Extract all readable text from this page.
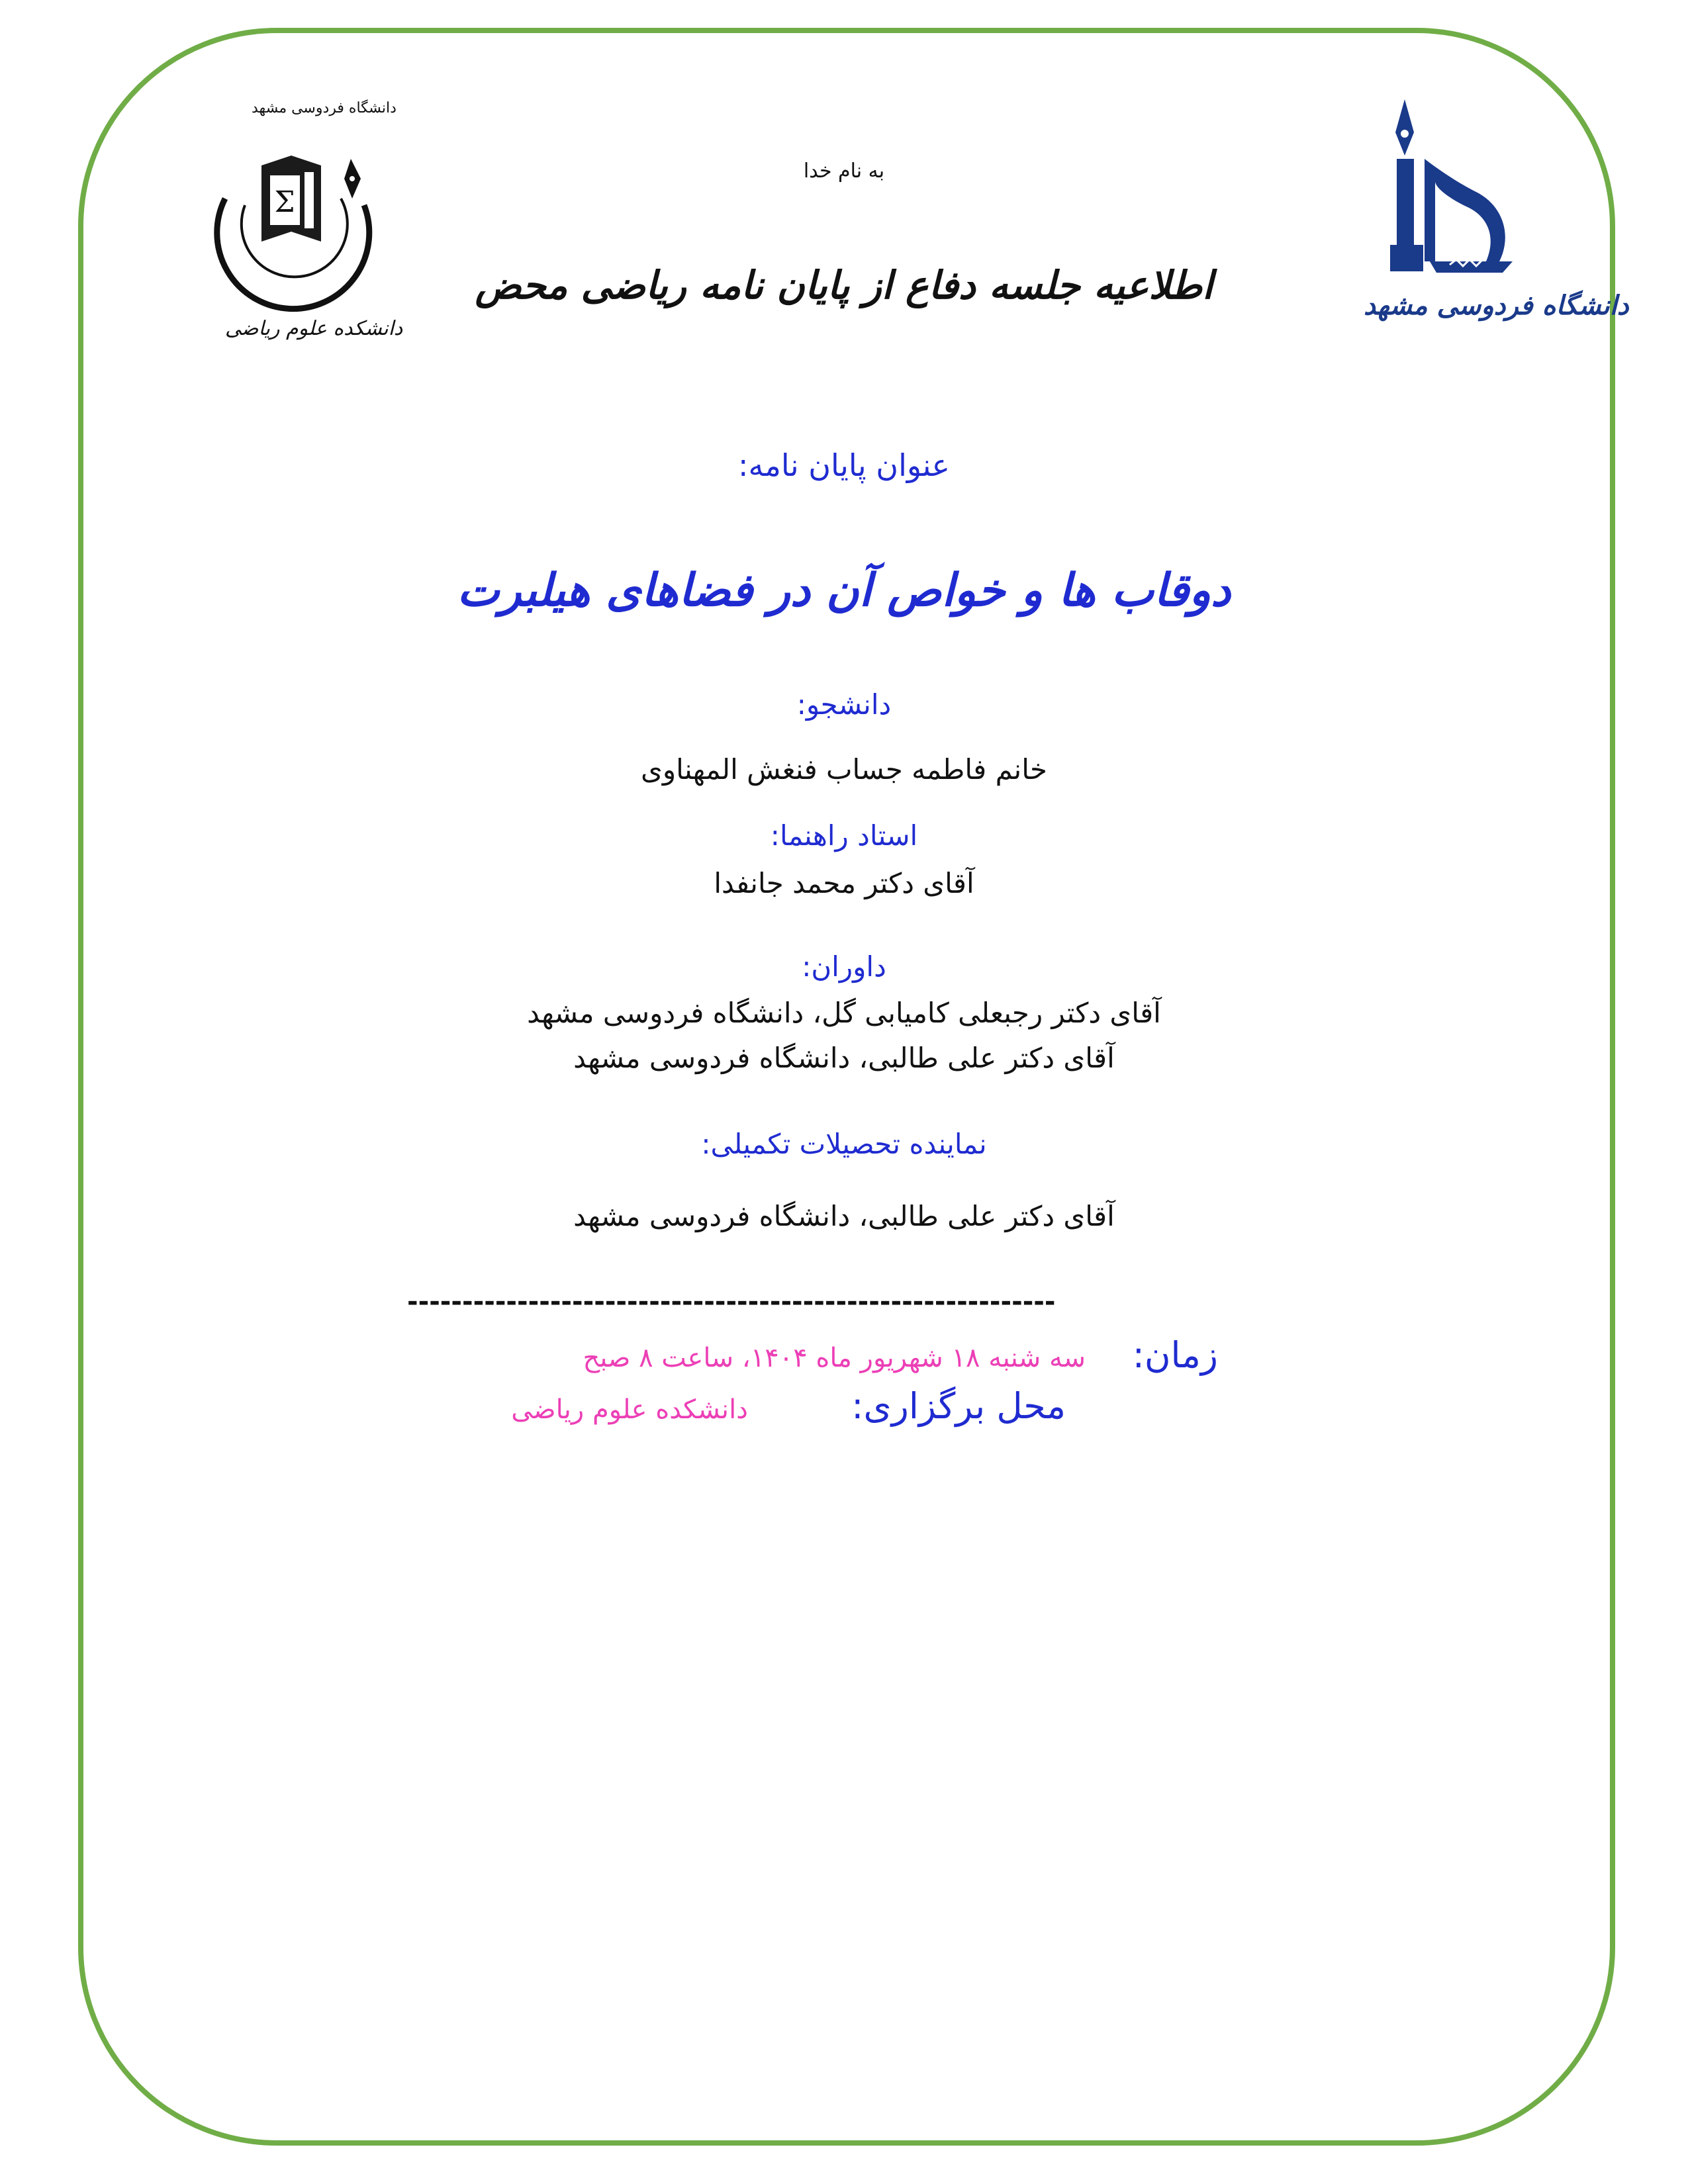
Σ
دانشگاه فردوسی مشهد
دانشکده علوم ریاضی
دانشگاه فردوسی مشهد
به نام خدا
اطلاعیه جلسه دفاع از پایان نامه ریاضی محض
عنوان پایان نامه:
دوقاب ها و خواص آن در فضاهای هیلبرت
دانشجو:
خانم فاطمه جساب فنغش المهناوی
استاد راهنما:
آقای دکتر محمد جانفدا
داوران:
آقای دکتر رجبعلی کامیابی گل، دانشگاه فردوسی مشهد
آقای دکتر علی طالبی، دانشگاه فردوسی مشهد
نماینده تحصیلات تکمیلی:
آقای دکتر علی طالبی، دانشگاه فردوسی مشهد
-----------------------------------------------------------
زمان:
سه شنبه ۱۸ شهریور ماه ۱۴۰۴، ساعت ۸ صبح
محل برگزاری:
دانشکده علوم ریاضی
